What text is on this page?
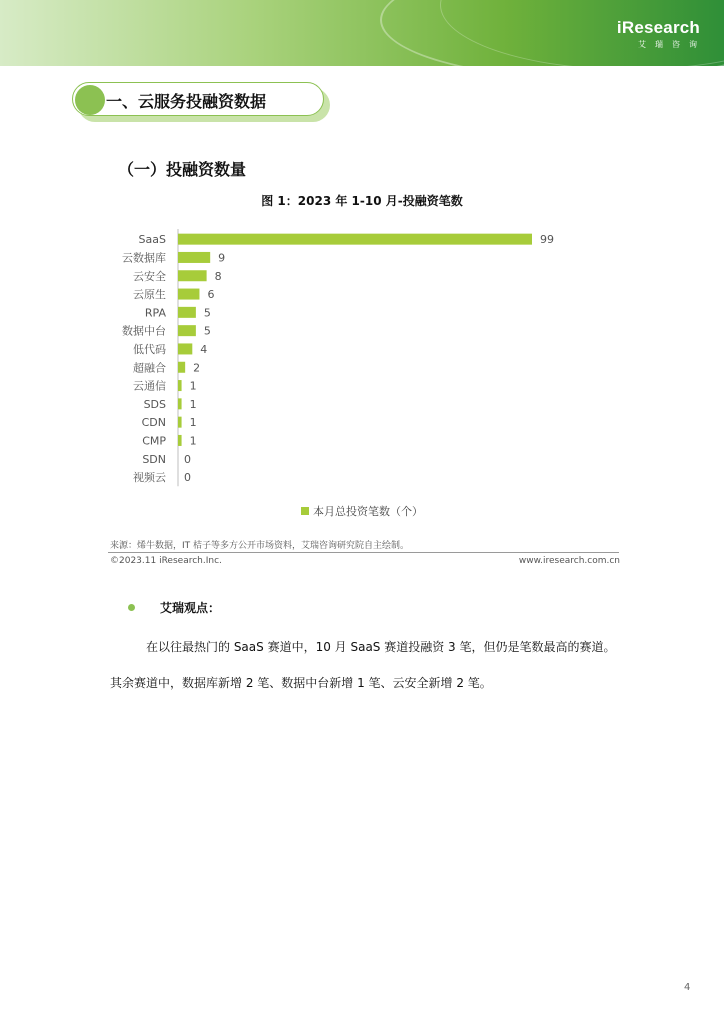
iResearch
艾瑞咨询
一、云服务投融资数据
（一）投融资数量
图 1：2023 年 1-10 月-投融资笔数
SaaS	99
云数据库	9
云安全	8
云原生	6
RPA	5
数据中台	5
低代码	4
超融合 2
云通信 1
SDS 1
CDN 1
CMP 1
SDN 0
视频云 0
本月总投资笔数（个）
来源：烯牛数据，IT 桔子等多方公开市场资料，艾瑞咨询研究院自主绘制。
©2023.11 iResearch.Inc.	www.iresearch.com.cn
艾瑞观点：
在以往最热门的 SaaS 赛道中，10 月 SaaS 赛道投融资 3 笔，但仍是笔数最高的赛道。
其余赛道中，数据库新增 2 笔、数据中台新增 1 笔、云安全新增 2 笔。
4
